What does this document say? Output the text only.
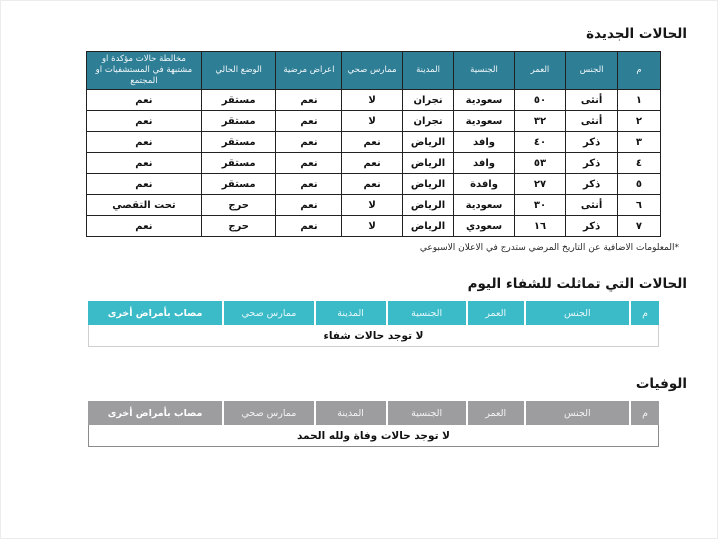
الحالات الجديدة
م	الجنس	العمر	الجنسية	المدينة	ممارس صحي	اعراض مرضية	الوضع الحالي	مخالطة حالات مؤكدة او مشتبهة في المستشفيات او المجتمع
١	أنثى	٥٠	سعودية	نجران	لا	نعم	مستقر	نعم
٢	أنثى	٣٢	سعودية	نجران	لا	نعم	مستقر	نعم
٣	ذكر	٤٠	وافد	الرياض	نعم	نعم	مستقر	نعم
٤	ذكر	٥٣	وافد	الرياض	نعم	نعم	مستقر	نعم
٥	ذكر	٢٧	وافدة	الرياض	نعم	نعم	مستقر	نعم
٦	أنثى	٣٠	سعودية	الرياض	لا	نعم	حرج	تحت التقصي
٧	ذكر	١٦	سعودي	الرياض	لا	نعم	حرج	نعم
*المعلومات الاضافية عن التاريخ المرضي ستدرج في الاعلان الاسبوعي
الحالات التي تماثلت للشفاء اليوم
م	الجنس	العمر	الجنسية	المدينة	ممارس صحي	مصاب بأمراض أخرى
لا توجد حالات شفاء
الوفيات
م	الجنس	العمر	الجنسية	المدينة	ممارس صحي	مصاب بأمراض أخرى
لا توجد حالات وفاة ولله الحمد
